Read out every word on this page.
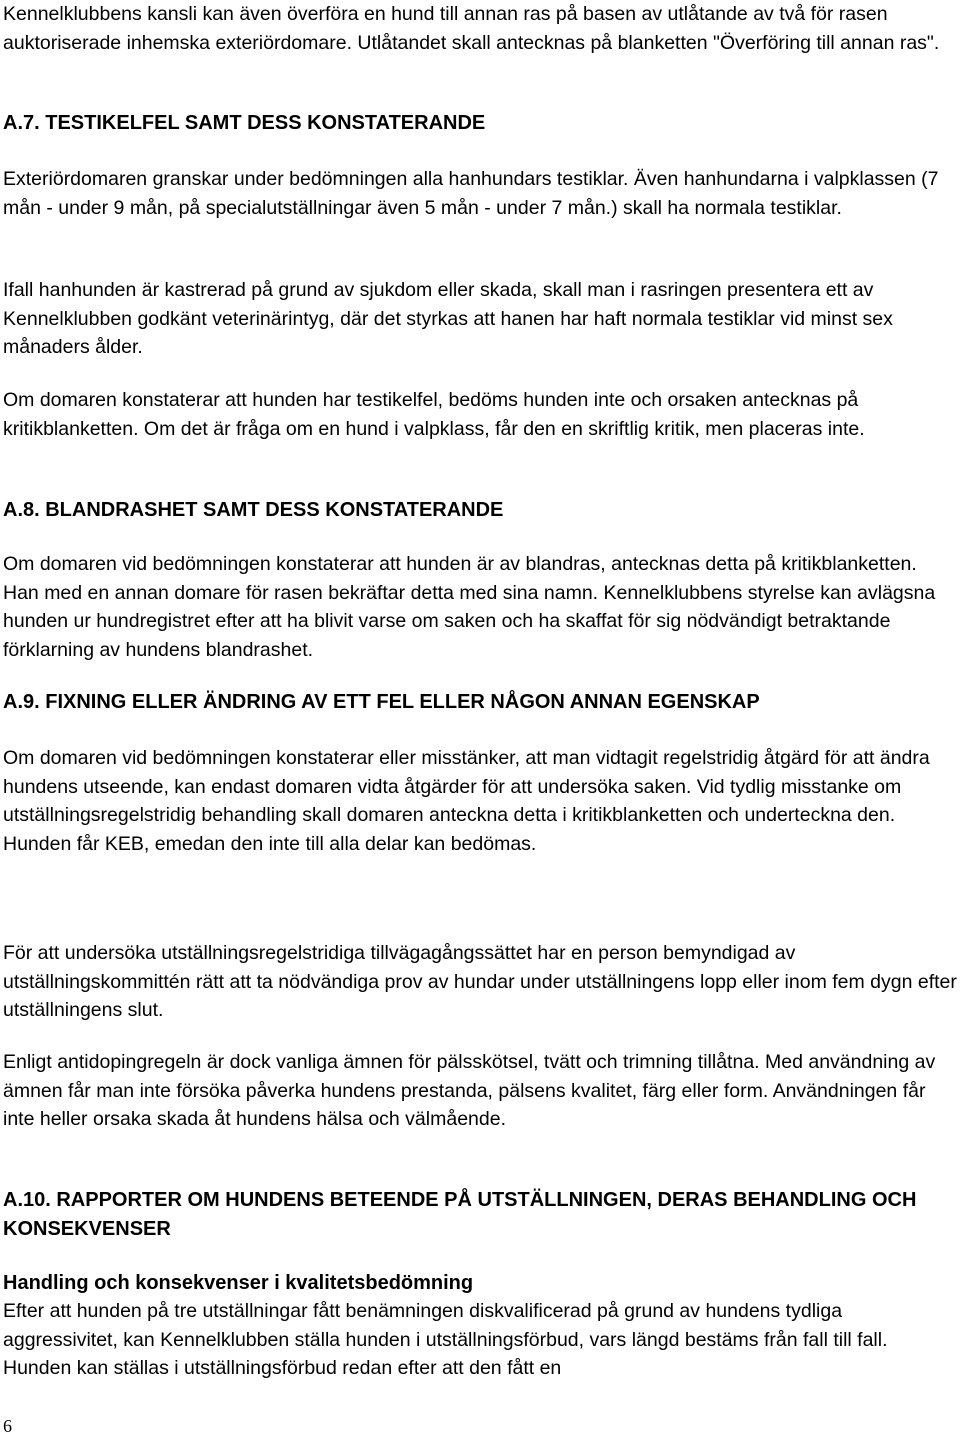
Kennelklubbens kansli kan även överföra en hund till annan ras på basen av utlåtande av två för rasen auktoriserade inhemska exteriördomare. Utlåtandet skall antecknas på blanketten "Överföring till annan ras".

A.7. TESTIKELFEL SAMT DESS KONSTATERANDE

Exteriördomaren granskar under bedömningen alla hanhundars testiklar. Även hanhundarna i valpklassen (7 mån - under 9 mån, på specialutställningar även 5 mån - under 7 mån.) skall ha normala testiklar.

Ifall hanhunden är kastrerad på grund av sjukdom eller skada, skall man i rasringen presentera ett av Kennelklubben godkänt veterinärintyg, där det styrkas att hanen har haft normala testiklar vid minst sex månaders ålder.

Om domaren konstaterar att hunden har testikelfel, bedöms hunden inte och orsaken antecknas på kritikblanketten. Om det är fråga om en hund i valpklass, får den en skriftlig kritik, men placeras inte.

A.8. BLANDRASHET SAMT DESS KONSTATERANDE

Om domaren vid bedömningen konstaterar att hunden är av blandras, antecknas detta på kritikblanketten. Han med en annan domare för rasen bekräftar detta med sina namn. Kennelklubbens styrelse kan avlägsna hunden ur hundregistret efter att ha blivit varse om saken och ha skaffat för sig nödvändigt betraktande förklarning av hundens blandrashet.

A.9. FIXNING ELLER ÄNDRING AV ETT FEL ELLER NÅGON ANNAN EGENSKAP

Om domaren vid bedömningen konstaterar eller misstänker, att man vidtagit regelstridig åtgärd för att ändra hundens utseende, kan endast domaren vidta åtgärder för att undersöka saken. Vid tydlig misstanke om utställningsregelstridig behandling skall domaren anteckna detta i kritikblanketten och underteckna den. Hunden får KEB, emedan den inte till alla delar kan bedömas.

För att undersöka utställningsregelstridiga tillvägagångssättet har en person bemyndigad av utställningskommittén rätt att ta nödvändiga prov av hundar under utställningens lopp eller inom fem dygn efter utställningens slut.

Enligt antidopingregeln är dock vanliga ämnen för pälsskötsel, tvätt och trimning tillåtna. Med användning av ämnen får man inte försöka påverka hundens prestanda, pälsens kvalitet, färg eller form. Användningen får inte heller orsaka skada åt hundens hälsa och välmående.

A.10. RAPPORTER OM HUNDENS BETEENDE PÅ UTSTÄLLNINGEN, DERAS BEHANDLING OCH KONSEKVENSER

Handling och konsekvenser i kvalitetsbedömning

Efter att hunden på tre utställningar fått benämningen diskvalificerad på grund av hundens tydliga aggressivitet, kan Kennelklubben ställa hunden i utställningsförbud, vars längd bestäms från fall till fall. Hunden kan ställas i utställningsförbud redan efter att den fått en

6
